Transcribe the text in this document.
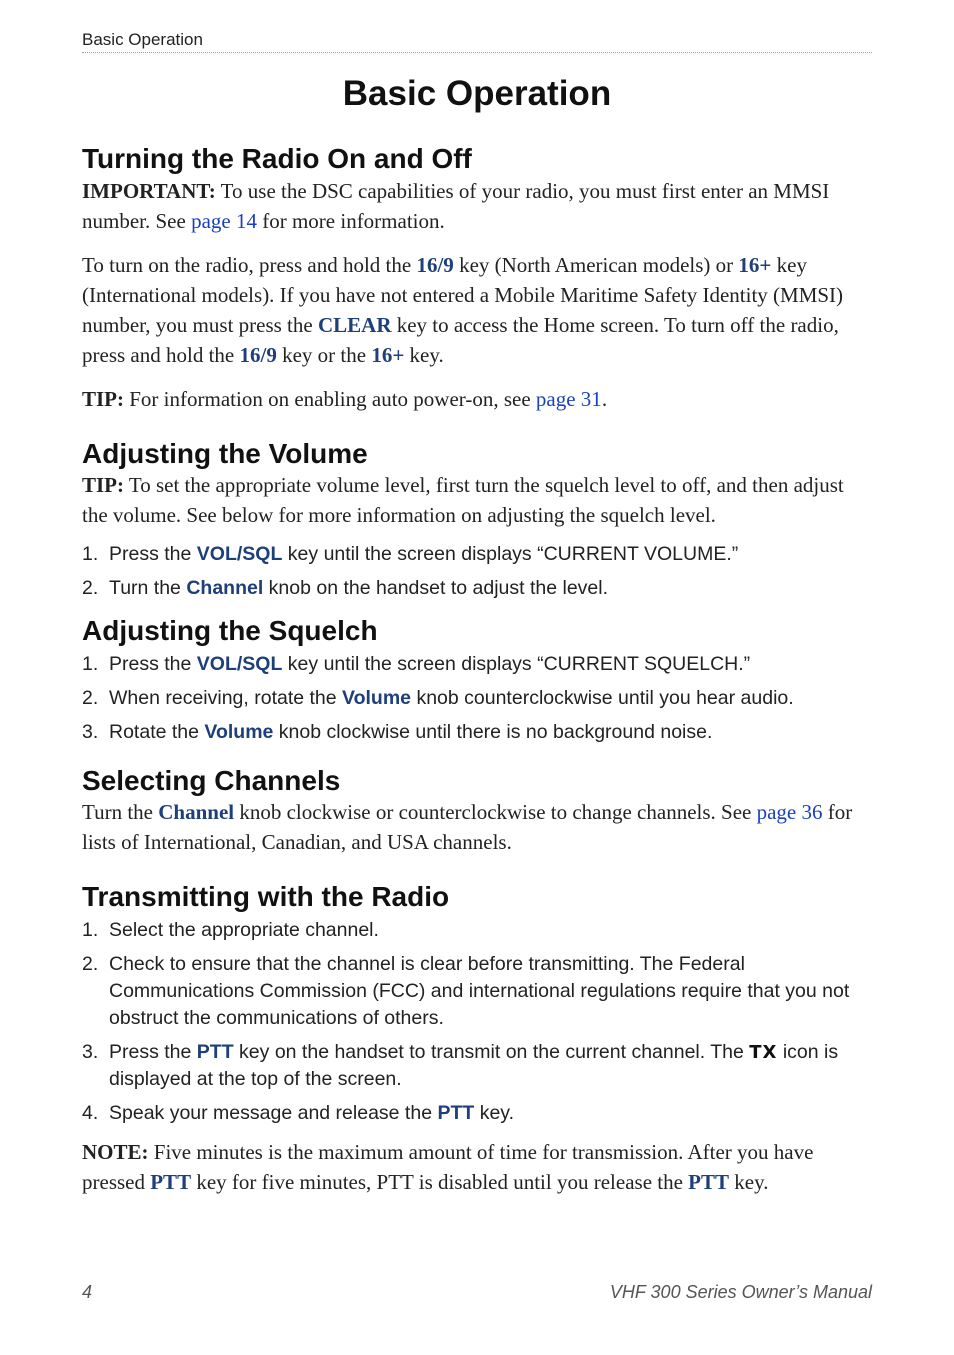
Basic Operation
Basic Operation
Turning the Radio On and Off

IMPORTANT: To use the DSC capabilities of your radio, you must first enter an MMSI number. See page 14 for more information.

To turn on the radio, press and hold the 16/9 key (North American models) or 16+ key (International models). If you have not entered a Mobile Maritime Safety Identity (MMSI) number, you must press the CLEAR key to access the Home screen. To turn off the radio, press and hold the 16/9 key or the 16+ key.

TIP: For information on enabling auto power-on, see page 31.

Adjusting the Volume

TIP: To set the appropriate volume level, first turn the squelch level to off, and then adjust the volume. See below for more information on adjusting the squelch level.

1. Press the VOL/SQL key until the screen displays “CURRENT VOLUME.”
2. Turn the Channel knob on the handset to adjust the level.
Adjusting the Squelch
1. Press the VOL/SQL key until the screen displays “CURRENT SQUELCH.”
2. When receiving, rotate the Volume knob counterclockwise until you hear audio.
3. Rotate the Volume knob clockwise until there is no background noise.
Selecting Channels

Turn the Channel knob clockwise or counterclockwise to change channels. See page 36 for lists of International, Canadian, and USA channels.

Transmitting with the Radio
1. Select the appropriate channel.
2. Check to ensure that the channel is clear before transmitting. The Federal Communications Commission (FCC) and international regulations require that you not obstruct the communications of others.
3. Press the PTT key on the handset to transmit on the current channel. The TX icon is displayed at the top of the screen.
4. Speak your message and release the PTT key.

NOTE: Five minutes is the maximum amount of time for transmission. After you have pressed PTT key for five minutes, PTT is disabled until you release the PTT key.

4	VHF 300 Series Owner’s Manual
